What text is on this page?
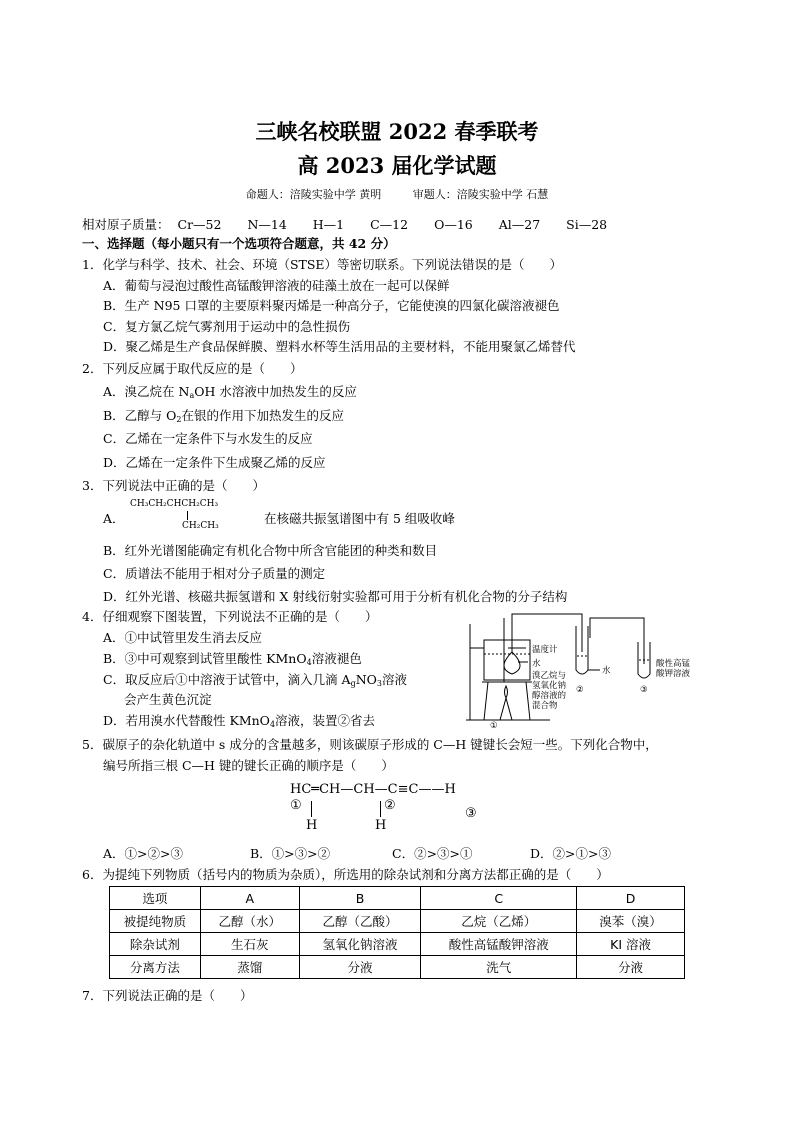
三峡名校联盟 2022 春季联考
高 2023 届化学试题
命题人：涪陵实验中学 黄明	审题人：涪陵实验中学 石慧
相对原子质量： Cr—52 N—14 H—1 C—12 O—16 Al—27 Si—28
一、选择题（每小题只有一个选项符合题意，共 42 分）
1．化学与科学、技术、社会、环境（STSE）等密切联系。下列说法错误的是（　　）
A．葡萄与浸泡过酸性高锰酸钾溶液的硅藻土放在一起可以保鲜
B．生产 N95 口罩的主要原料聚丙烯是一种高分子，它能使溴的四氯化碳溶液褪色
C．复方氯乙烷气雾剂用于运动中的急性损伤
D．聚乙烯是生产食品保鲜膜、塑料水杯等生活用品的主要材料，不能用聚氯乙烯替代
2．下列反应属于取代反应的是（　　）
A．溴乙烷在 $N_aOH$ 水溶液中加热发生的反应
B．乙醇与 $O_2$在银的作用下加热发生的反应
C．乙烯在一定条件下与水发生的反应
D．乙烯在一定条件下生成聚乙烯的反应
3．下列说法中正确的是（　　）
A．
CH₃CH₂CHCH₂CH₃
CH₂CH₃	在核磁共振氢谱图中有 5 组吸收峰
B．红外光谱图能确定有机化合物中所含官能团的种类和数目
C．质谱法不能用于相对分子质量的测定
D．红外光谱、核磁共振氢谱和 X 射线衍射实验都可用于分析有机化合物的分子结构
4．仔细观察下图装置，下列说法不正确的是（　　）
A．①中试管里发生消去反应
B．③中可观察到试管里酸性 KMnO$_4$溶液褪色
C．取反应后①中溶液于试管中，滴入几滴 $A_gNO_3$溶液
会产生黄色沉淀
D．若用溴水代替酸性 KMnO$_4$溶液，装置②省去
温度计
水
溴乙烷与
氢氧化钠
醇溶液的
混合物
水
酸性高锰
酸钾溶液
①
②	③
5．碳原子的杂化轨道中 s 成分的含量越多，则该碳原子形成的 C—H 键键长会短一些。下列化合物中，
编号所指三根 C—H 键的键长正确的顺序是（　　）
HC═CH—CH—C≡C——H
①	②
③
H	H
A．①>②>③	B．①>③>②	C．②>③>①	D．②>①>③
6．为提纯下列物质（括号内的物质为杂质），所选用的除杂试剂和分离方法都正确的是（　　）
选项	A	B	C	D
被提纯物质	乙醇（水）	乙醇（乙酸）	乙烷（乙烯）	溴苯（溴）
除杂试剂	生石灰	氢氧化钠溶液	酸性高锰酸钾溶液	KI 溶液
分离方法	蒸馏	分液	洗气	分液
7．下列说法正确的是（　　）
